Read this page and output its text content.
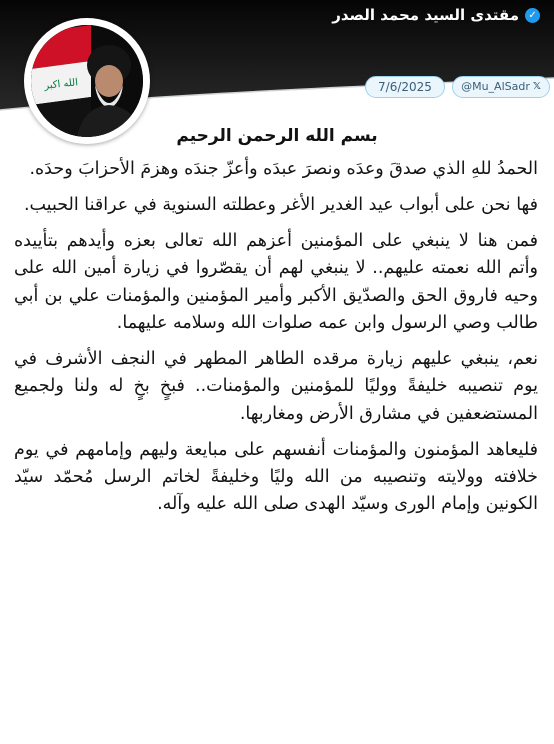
✓
مقتدى السيد محمد الصدر
الله اكبر	7/6/2025	@Mu_AlSadr 𝕏
بسم الله الرحمن الرحيم

الحمدُ للهِ الذي صدقَ وعدَه ونصرَ عبدَه وأعزّ جندَه وهزمَ الأحزابَ وحدَه.

فها نحن على أبواب عيد الغدير الأغر وعطلته السنوية في عراقنا الحبيب.

فمن هنا لا ينبغي على المؤمنين أعزهم الله تعالى بعزه وأيدهم بتأييده وأتم الله نعمته عليهم.. لا ينبغي لهم أن يقصّروا في زيارة أمين الله على وحيه فاروق الحق والصدّيق الأكبر وأمير المؤمنين والمؤمنات علي بن أبي طالب وصي الرسول وابن عمه صلوات الله وسلامه عليهما.

نعم، ينبغي عليهم زيارة مرقده الطاهر المطهر في النجف الأشرف في يوم تنصيبه خليفةً ووليًا للمؤمنين والمؤمنات.. فبخٍ بخٍ له ولنا ولجميع المستضعفين في مشارق الأرض ومغاربها.

فليعاهد المؤمنون والمؤمنات أنفسهم على مبايعة وليهم وإمامهم في يوم خلافته وولايته وتنصيبه من الله وليًا وخليفةً لخاتم الرسل مُحمّد سيّد الكونين وإمام الورى وسيّد الهدى صلى الله عليه وآله.
